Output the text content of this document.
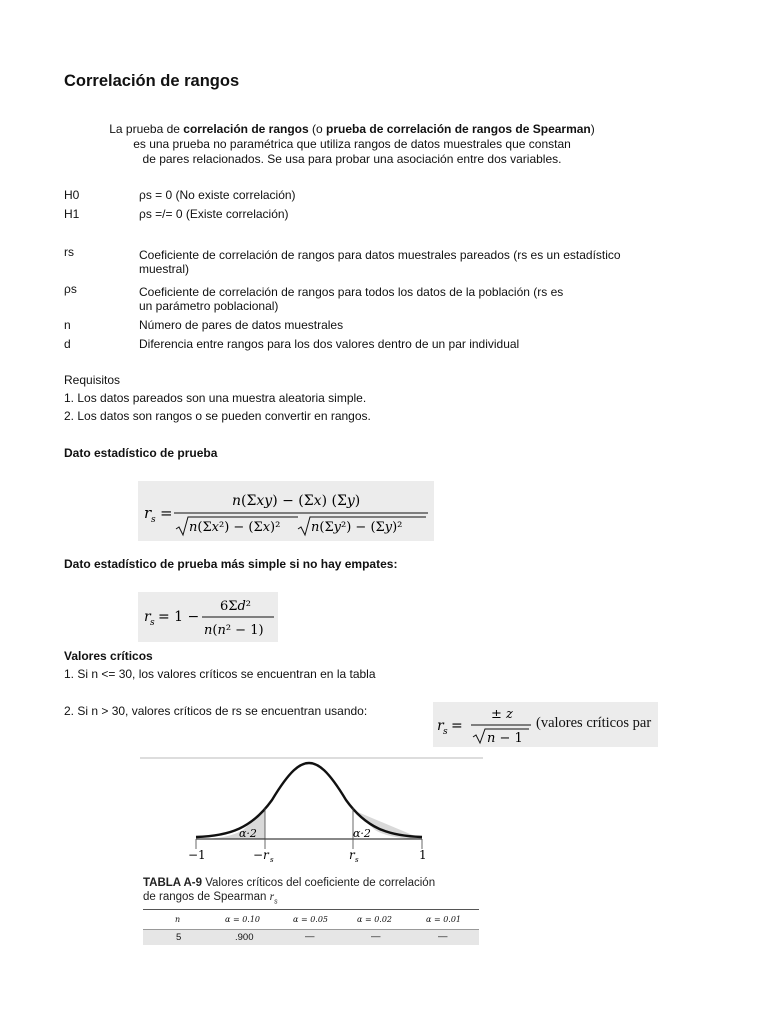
Correlación de rangos
La prueba de correlación de rangos (o prueba de correlación de rangos de Spearman)
es una prueba no paramétrica que utiliza rangos de datos muestrales que constan
de pares relacionados. Se usa para probar una asociación entre dos variables.
H0	ρs = 0 (No existe correlación)
H1	ρs =/= 0 (Existe correlación)
rs	Coeficiente de correlación de rangos para datos muestrales pareados (rs es un estadístico muestral)
ρs	Coeficiente de correlación de rangos para todos los datos de la población (rs es un parámetro poblacional)
n	Número de pares de datos muestrales
d	Diferencia entre rangos para los dos valores dentro de un par individual
Requisitos
1. Los datos pareados son una muestra aleatoria simple.
2. Los datos son rangos o se pueden convertir en rangos.
Dato estadístico de prueba
r s =
n(Σxy) − (Σx) (Σy)
n(Σx²) − (Σx)² n(Σy²) − (Σy)²
Dato estadístico de prueba más simple si no hay empates:
r s = 1 −
6Σd²
n(n² − 1)
Valores críticos
1. Si n <= 30, los valores críticos se encuentran en la tabla
2. Si n > 30, valores críticos de rs se encuentran usando:
r s =
± z
n − 1
(valores críticos par
α·2	α·2
−1	−r s	r s	1
TABLA A-9 Valores críticos del coeficiente de correlación
de rangos de Spearman $r_s$
n	α = 0.10	α = 0.05	α = 0.02	α = 0.01
5	.900	—	—	—
